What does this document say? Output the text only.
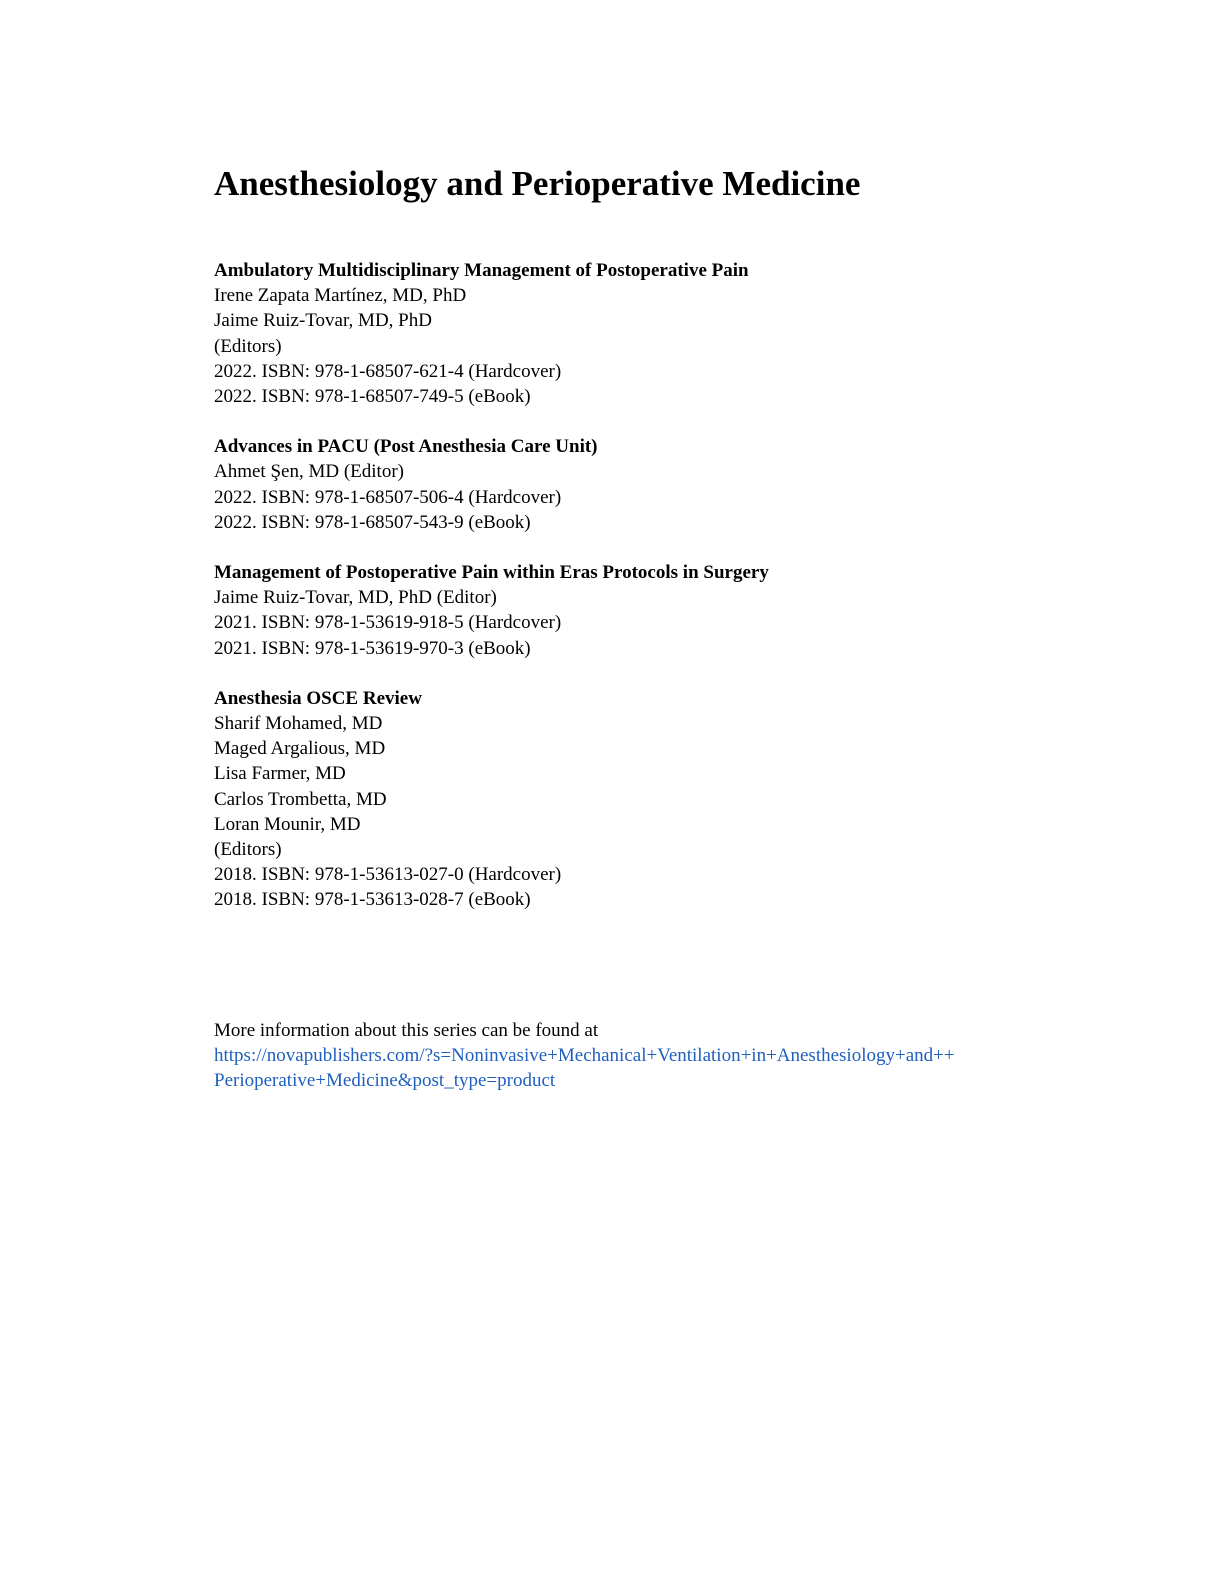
Anesthesiology and Perioperative Medicine
Ambulatory Multidisciplinary Management of Postoperative Pain
Irene Zapata Martínez, MD, PhD
Jaime Ruiz-Tovar, MD, PhD
(Editors)
2022. ISBN: 978-1-68507-621-4 (Hardcover)
2022. ISBN: 978-1-68507-749-5 (eBook)
Advances in PACU (Post Anesthesia Care Unit)
Ahmet Şen, MD (Editor)
2022. ISBN: 978-1-68507-506-4 (Hardcover)
2022. ISBN: 978-1-68507-543-9 (eBook)
Management of Postoperative Pain within Eras Protocols in Surgery
Jaime Ruiz-Tovar, MD, PhD (Editor)
2021. ISBN: 978-1-53619-918-5 (Hardcover)
2021. ISBN: 978-1-53619-970-3 (eBook)
Anesthesia OSCE Review
Sharif Mohamed, MD
Maged Argalious, MD
Lisa Farmer, MD
Carlos Trombetta, MD
Loran Mounir, MD
(Editors)
2018. ISBN: 978-1-53613-027-0 (Hardcover)
2018. ISBN: 978-1-53613-028-7 (eBook)
More information about this series can be found at
https://novapublishers.com/?s=Noninvasive+Mechanical+Ventilation+in+Anesthesiology+and++
Perioperative+Medicine&post_type=product
